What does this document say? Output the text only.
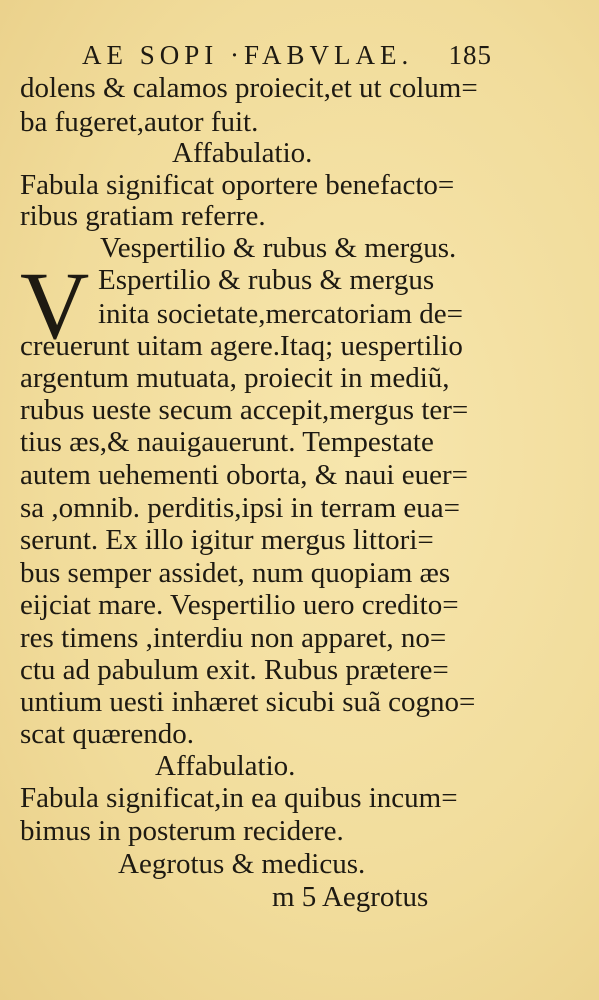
AE SOPI ·FABVLAE. 185
dolens & calamos proiecit,et ut colum=
ba fugeret,autor fuit.
Affabulatio.
Fabula significat oportere benefacto=
ribus gratiam referre.
Vespertilio & rubus & mergus.
V Espertilio & rubus & mergus
inita societate,mercatoriam de=
creuerunt uitam agere.Itaq; uespertilio
argentum mutuata, proiecit in mediũ,
rubus ueste secum accepit,mergus ter=
tius æs,& nauigauerunt. Tempestate
autem uehementi oborta, & naui euer=
sa ,omnib. perditis,ipsi in terram eua=
serunt. Ex illo igitur mergus littori=
bus semper assidet, num quopiam æs
eijciat mare. Vespertilio uero credito=
res timens ,interdiu non apparet, no=
ctu ad pabulum exit. Rubus prætere=
untium uesti inhæret sicubi suã cogno=
scat quærendo.
Affabulatio.
Fabula significat,in ea quibus incum=
bimus in posterum recidere.
Aegrotus & medicus.
m 5 Aegrotus
